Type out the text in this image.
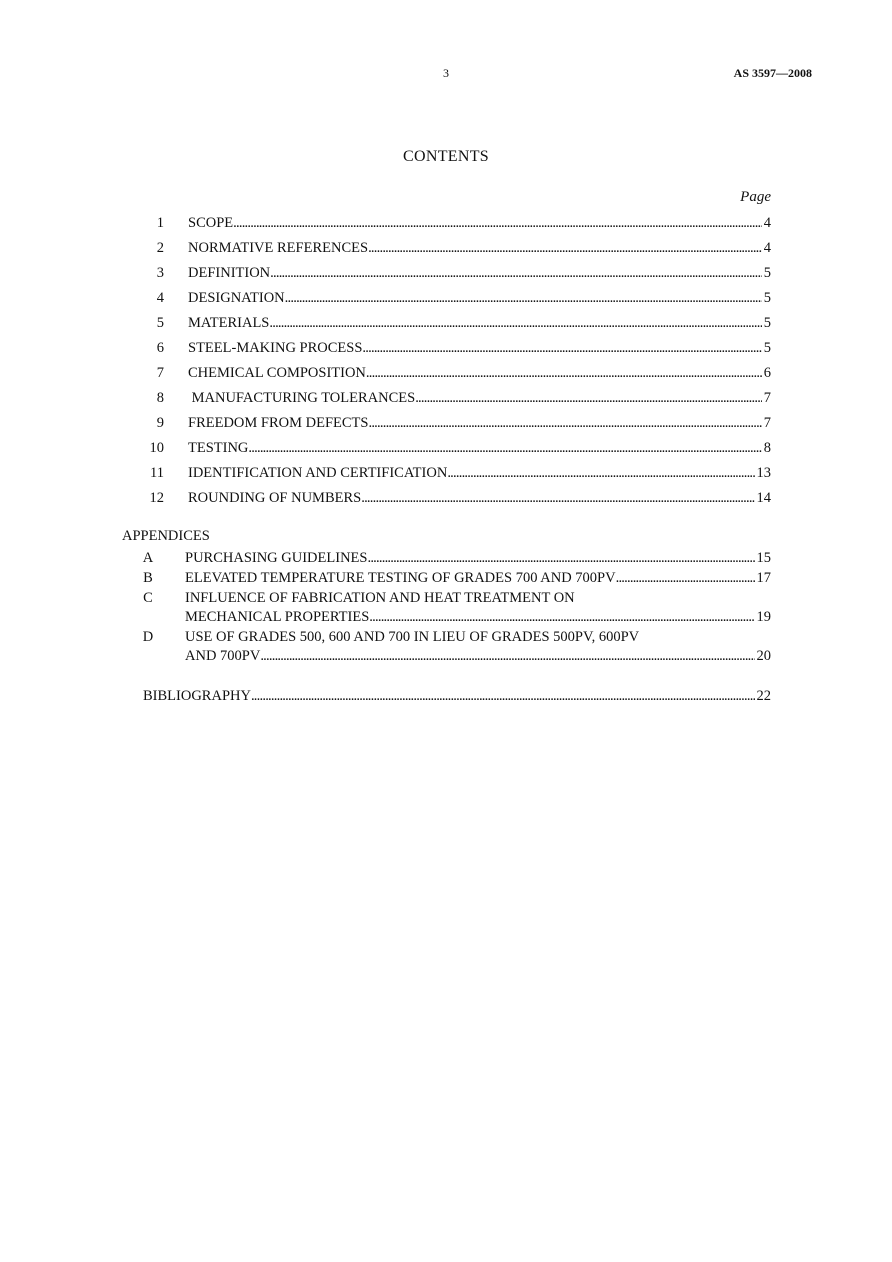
3	AS 3597—2008
CONTENTS
Page
1 SCOPE . . .	4
2 NORMATIVE REFERENCES . . .	4
3 DEFINITION . . .	5
4 DESIGNATION . . .	5
5 MATERIALS . . .	5
6 STEEL-MAKING PROCESS . . .	5
7 CHEMICAL COMPOSITION . . .	6
8 MANUFACTURING TOLERANCES . . .	7
9 FREEDOM FROM DEFECTS . . .	7
10 TESTING . . .	8
11 IDENTIFICATION AND CERTIFICATION . . .	13
12 ROUNDING OF NUMBERS . . .	14
APPENDICES
A PURCHASING GUIDELINES . . .	15
B ELEVATED TEMPERATURE TESTING OF GRADES 700 AND 700PV . . .	17
C INFLUENCE OF FABRICATION AND HEAT TREATMENT ON
MECHANICAL PROPERTIES . . .	19
D USE OF GRADES 500, 600 AND 700 IN LIEU OF GRADES 500PV, 600PV
AND 700PV . . .	20
BIBLIOGRAPHY . . .	22
